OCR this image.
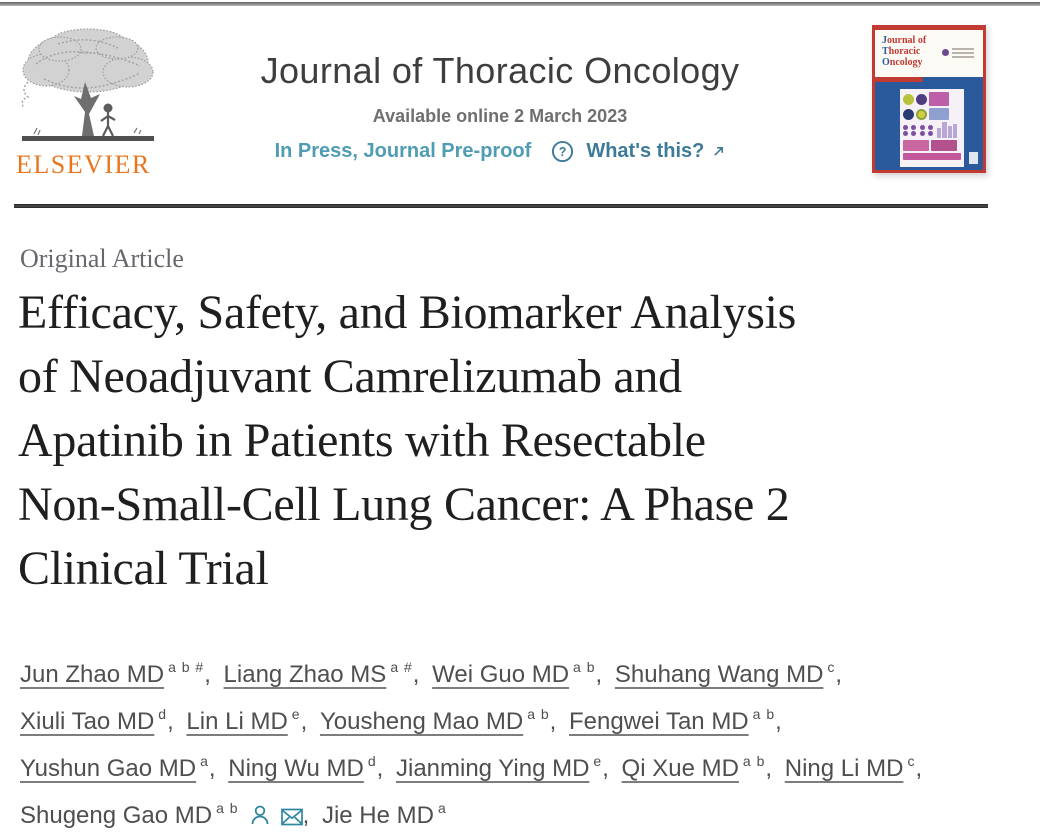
ELSEVIER
Journal of Thoracic Oncology
Available online 2 March 2023
In Press, Journal Pre-proof ? What's this?
Journal of
Thoracic
Oncology
Original Article
Efficacy, Safety, and Biomarker Analysis
of Neoadjuvant Camrelizumab and
Apatinib in Patients with Resectable
Non-Small-Cell Lung Cancer: A Phase 2
Clinical Trial
Jun Zhao MD $^{a b \#}$, Liang Zhao MS $^{a \#}$, Wei Guo MD $^{a b}$, Shuhang Wang MD $^c$,
Xiuli Tao MD $^d$, Lin Li MD $^e$, Yousheng Mao MD $^{a b}$, Fengwei Tan MD $^{a b}$,
Yushun Gao MD $^a$, Ning Wu MD $^d$, Jianming Ying MD $^e$, Qi Xue MD $^{a b}$, Ning Li MD $^c$,
Shugeng Gao MD $^{a b}$	, Jie He MD $^a$
